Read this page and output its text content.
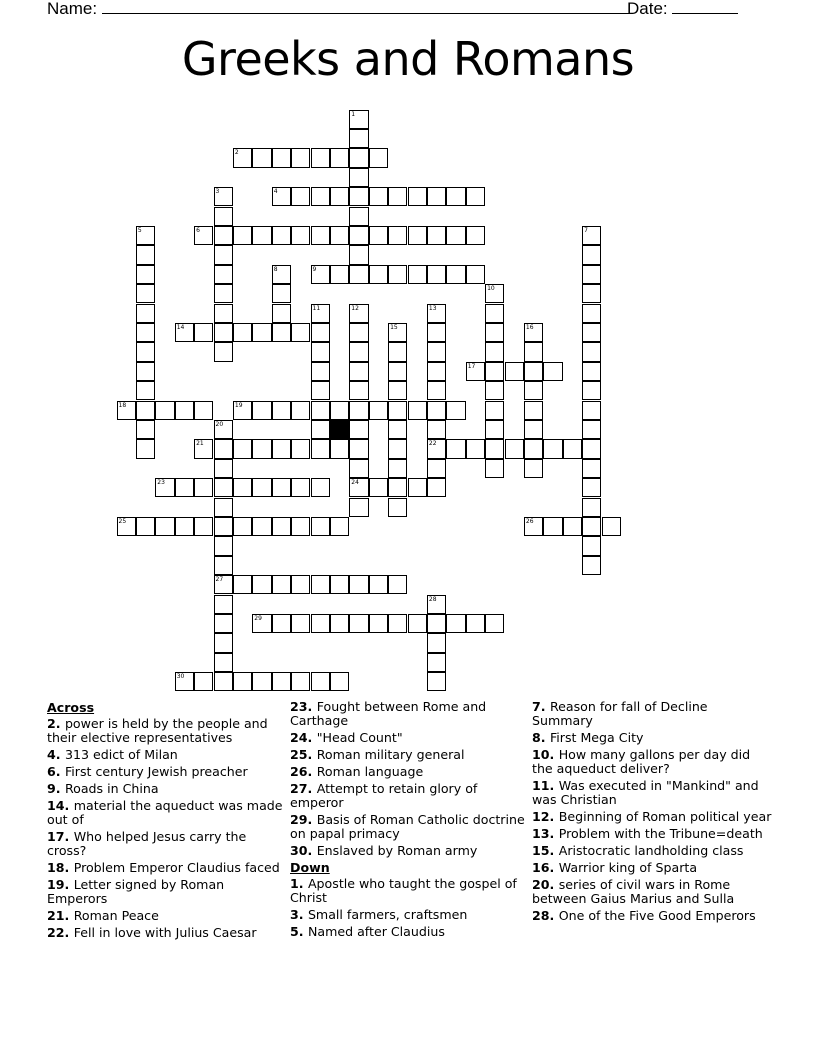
Name:	Date:
Greeks and Romans
2
4
6
9
14
17
18	19
21	22
23	24
25	26
27
29
30
1
3
5	7
8
10
11	12	13
15	16
20
28
Across
2. power is held by the people and their elective representatives
4. 313 edict of Milan
6. First century Jewish preacher
9. Roads in China
14. material the aqueduct was made out of
17. Who helped Jesus carry the cross?
18. Problem Emperor Claudius faced
19. Letter signed by Roman Emperors
21. Roman Peace
22. Fell in love with Julius Caesar
23. Fought between Rome and Carthage
24. "Head Count"
25. Roman military general
26. Roman language
27. Attempt to retain glory of emperor
29. Basis of Roman Catholic doctrine on papal primacy
30. Enslaved by Roman army
Down
1. Apostle who taught the gospel of Christ
3. Small farmers, craftsmen
5. Named after Claudius
7. Reason for fall of Decline Summary
8. First Mega City
10. How many gallons per day did the aqueduct deliver?
11. Was executed in "Mankind" and was Christian
12. Beginning of Roman political year
13. Problem with the Tribune=death
15. Aristocratic landholding class
16. Warrior king of Sparta
20. series of civil wars in Rome between Gaius Marius and Sulla
28. One of the Five Good Emperors
